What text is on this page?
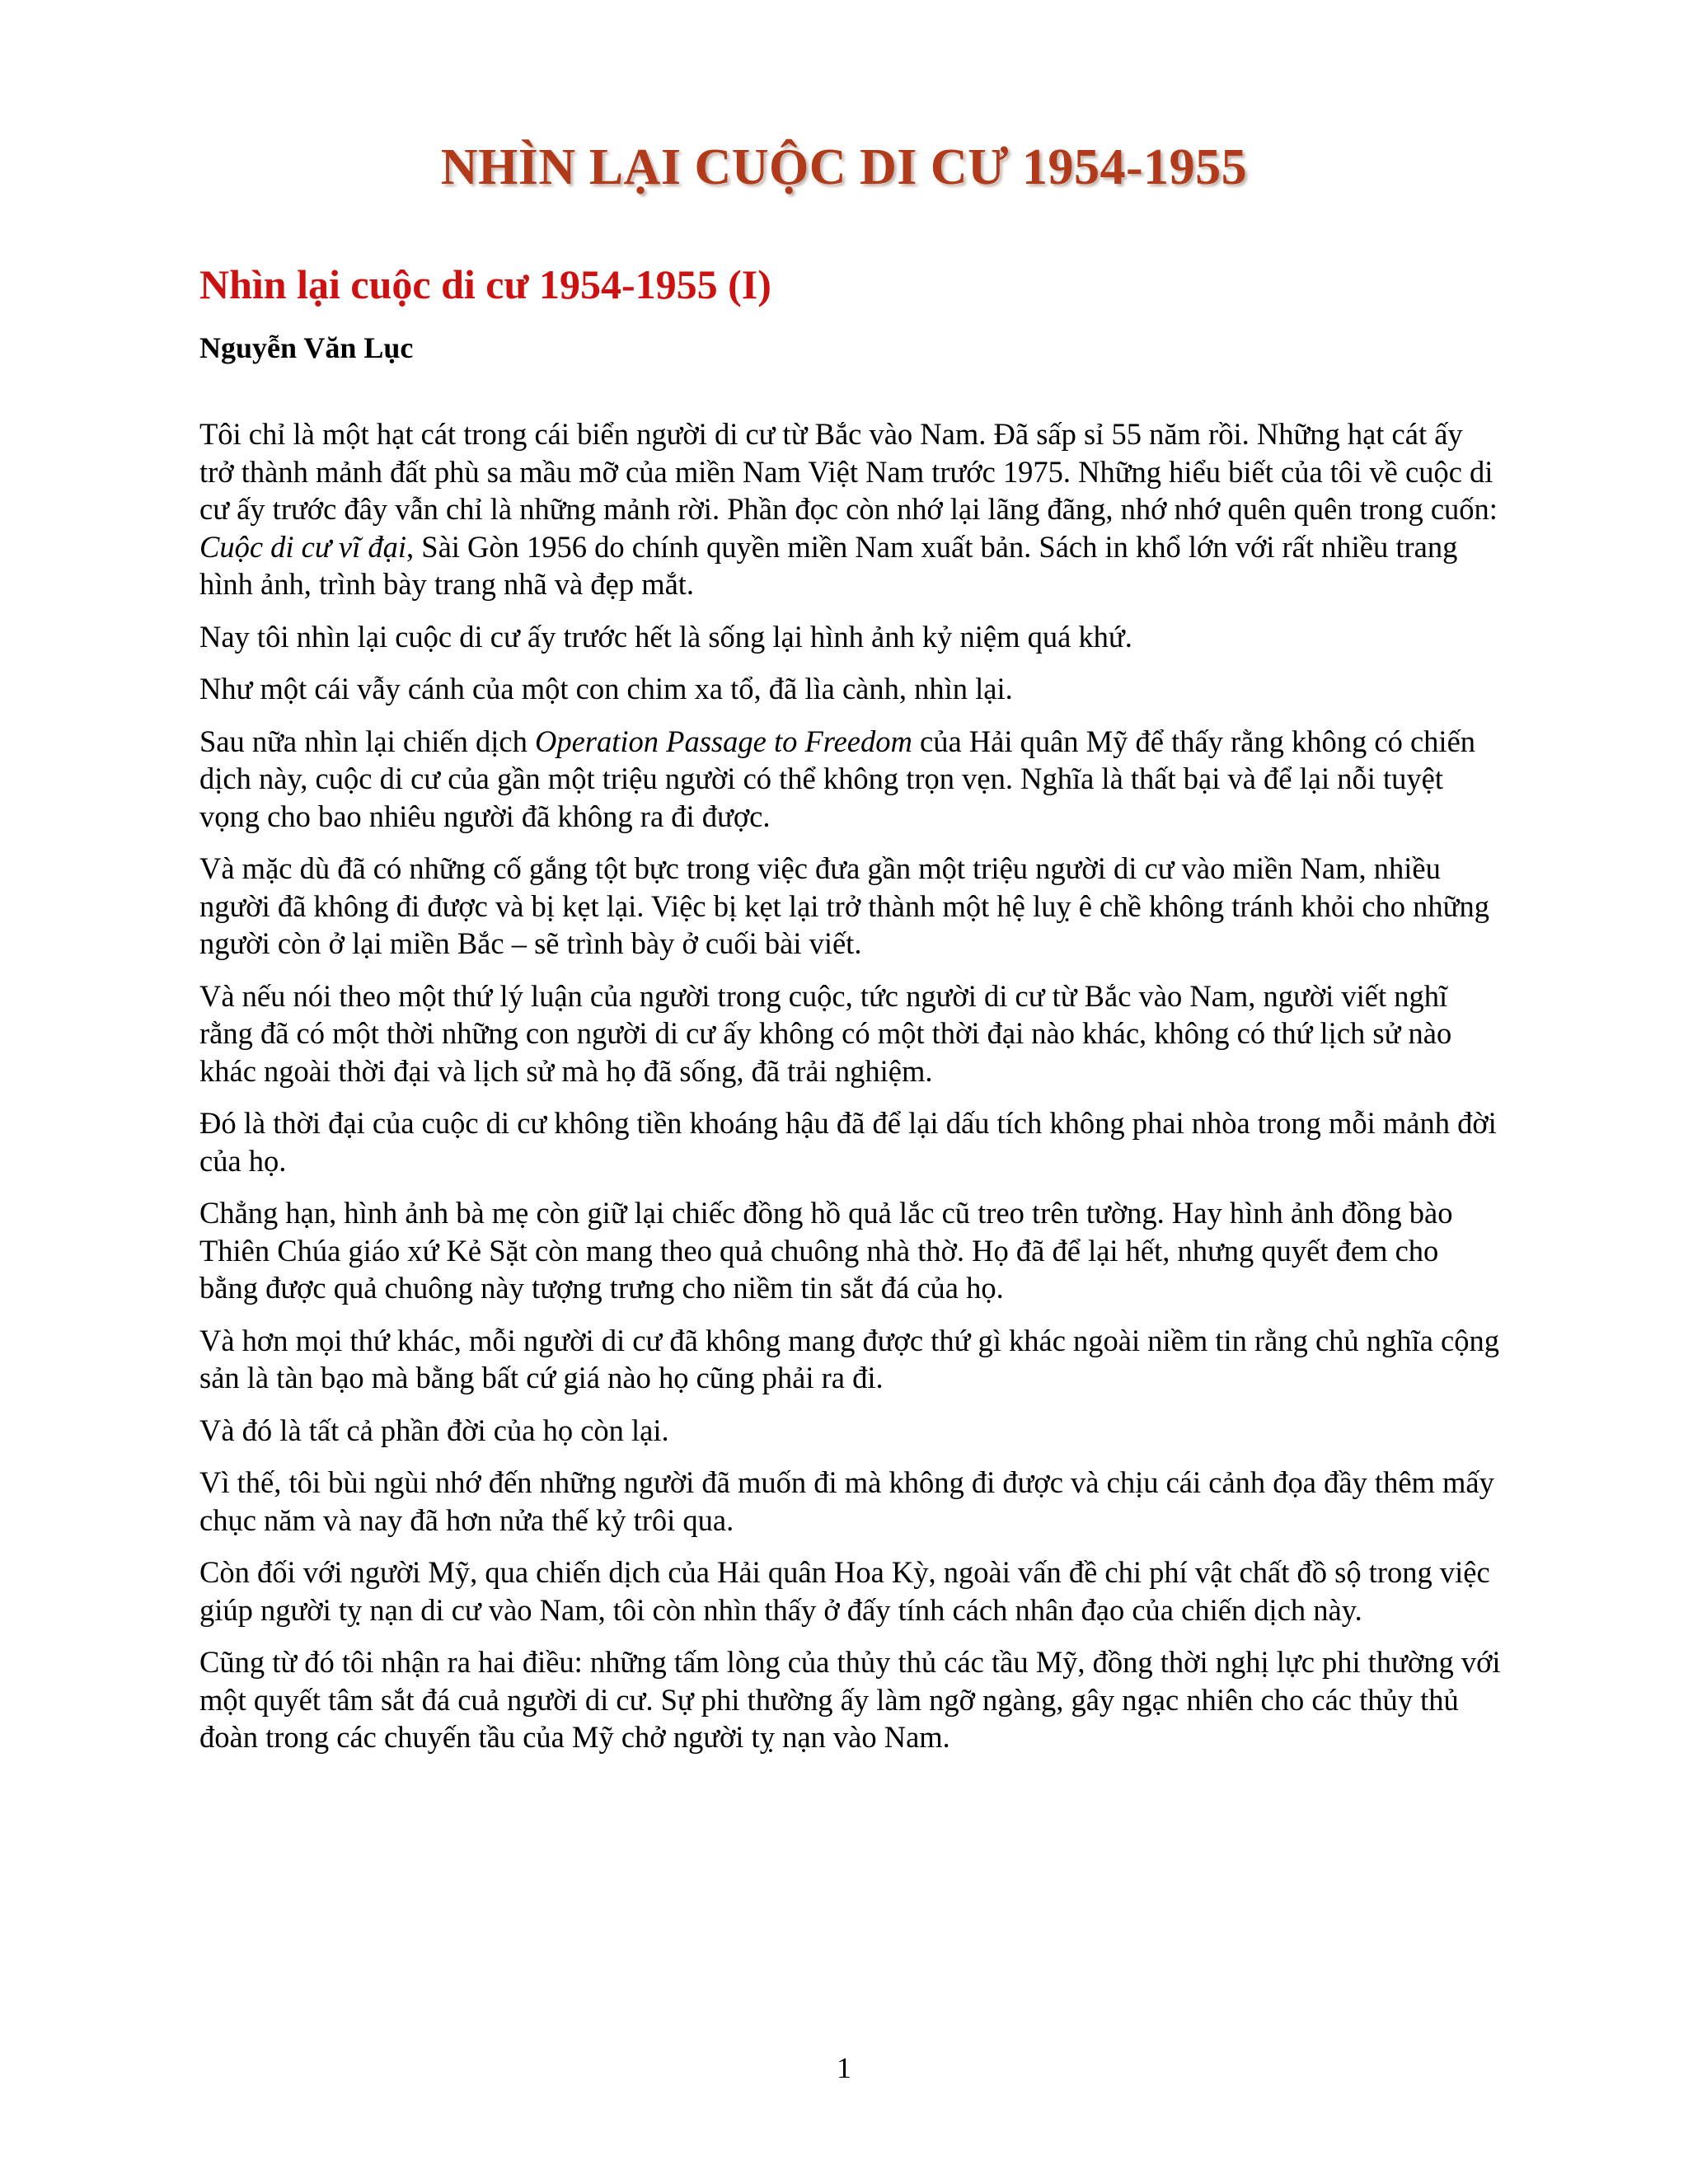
NHÌN LẠI CUỘC DI CƯ 1954-1955
Nhìn lại cuộc di cư 1954-1955 (I)
Nguyễn Văn Lục

Tôi chỉ là một hạt cát trong cái biển người di cư từ Bắc vào Nam. Đã sấp sỉ 55 năm rồi. Những hạt cát ấy trở thành mảnh đất phù sa mầu mỡ của miền Nam Việt Nam trước 1975. Những hiểu biết của tôi về cuộc di cư ấy trước đây vẫn chỉ là những mảnh rời. Phần đọc còn nhớ lại lãng đãng, nhớ nhớ quên quên trong cuốn: Cuộc di cư vĩ đại, Sài Gòn 1956 do chính quyền miền Nam xuất bản. Sách in khổ lớn với rất nhiều trang hình ảnh, trình bày trang nhã và đẹp mắt.

Nay tôi nhìn lại cuộc di cư ấy trước hết là sống lại hình ảnh kỷ niệm quá khứ.

Như một cái vẫy cánh của một con chim xa tổ, đã lìa cành, nhìn lại.

Sau nữa nhìn lại chiến dịch Operation Passage to Freedom của Hải quân Mỹ để thấy rằng không có chiến dịch này, cuộc di cư của gần một triệu người có thể không trọn vẹn. Nghĩa là thất bại và để lại nỗi tuyệt vọng cho bao nhiêu người đã không ra đi được.

Và mặc dù đã có những cố gắng tột bực trong việc đưa gần một triệu người di cư vào miền Nam, nhiều người đã không đi được và bị kẹt lại. Việc bị kẹt lại trở thành một hệ luỵ ê chề không tránh khỏi cho những người còn ở lại miền Bắc – sẽ trình bày ở cuối bài viết.

Và nếu nói theo một thứ lý luận của người trong cuộc, tức người di cư từ Bắc vào Nam, người viết nghĩ rằng đã có một thời những con người di cư ấy không có một thời đại nào khác, không có thứ lịch sử nào khác ngoài thời đại và lịch sử mà họ đã sống, đã trải nghiệm.

Đó là thời đại của cuộc di cư không tiền khoáng hậu đã để lại dấu tích không phai nhòa trong mỗi mảnh đời của họ.

Chẳng hạn, hình ảnh bà mẹ còn giữ lại chiếc đồng hồ quả lắc cũ treo trên tường. Hay hình ảnh đồng bào Thiên Chúa giáo xứ Kẻ Sặt còn mang theo quả chuông nhà thờ. Họ đã để lại hết, nhưng quyết đem cho bằng được quả chuông này tượng trưng cho niềm tin sắt đá của họ.

Và hơn mọi thứ khác, mỗi người di cư đã không mang được thứ gì khác ngoài niềm tin rằng chủ nghĩa cộng sản là tàn bạo mà bằng bất cứ giá nào họ cũng phải ra đi.

Và đó là tất cả phần đời của họ còn lại.

Vì thế, tôi bùi ngùi nhớ đến những người đã muốn đi mà không đi được và chịu cái cảnh đọa đầy thêm mấy chục năm và nay đã hơn nửa thế kỷ trôi qua.

Còn đối với người Mỹ, qua chiến dịch của Hải quân Hoa Kỳ, ngoài vấn đề chi phí vật chất đồ sộ trong việc giúp người tỵ nạn di cư vào Nam, tôi còn nhìn thấy ở đấy tính cách nhân đạo của chiến dịch này.

Cũng từ đó tôi nhận ra hai điều: những tấm lòng của thủy thủ các tầu Mỹ, đồng thời nghị lực phi thường với một quyết tâm sắt đá cuả người di cư. Sự phi thường ấy làm ngỡ ngàng, gây ngạc nhiên cho các thủy thủ đoàn trong các chuyến tầu của Mỹ chở người tỵ nạn vào Nam.

1
